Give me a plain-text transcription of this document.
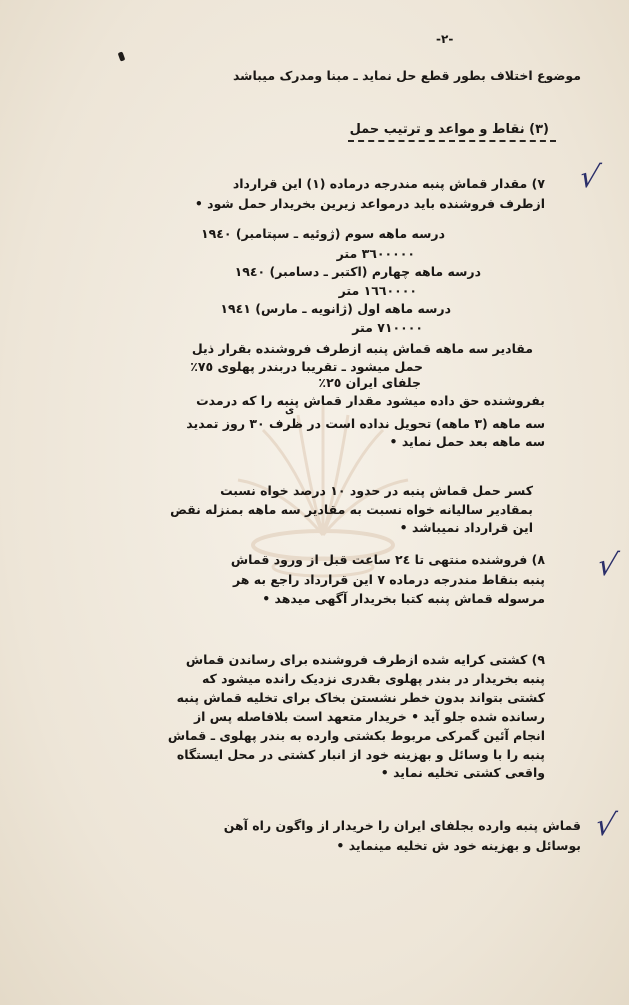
-٢-
موضوع اختلاف بطور قطع حل نماید ـ مبنا ومدرک میباشد
(٣) نقاط و مواعد و ترتیب حمل
√
٧) مقدار قماش پنبه مندرجه درماده (١) این قرارداد
ازطرف فروشنده باید درمواعد زیرین بخریدار حمل شود •
درسه ماهه سوم (ژوئیه ـ سپتامبر) ١٩٤٠
٣٦٠٠٠٠٠ متر
درسه ماهه چهارم (اکتبر ـ دسامبر) ١٩٤٠
١٦٦٠٠٠٠ متر
درسه ماهه اول (ژانویه ـ مارس) ١٩٤١
٧١٠٠٠٠ متر
مقادیر سه ماهه قماش پنبه ازطرف فروشنده بقرار ذیل
حمل میشود ـ تقریبا دربندر پهلوی ٧٥٪
جلفای ایران ٢٥٪
بفروشنده حق داده میشود مقدار قماش پنبه را که درمدت
ی
سه ماهه (٣ ماهه) تحویل نداده است در ظرف ٣٠ روز تمدید
سه ماهه بعد حمل نماید •
کسر حمل قماش پنبه در حدود ١٠ درصد خواه نسبت
بمقادیر سالیانه خواه نسبت به مقادیر سه ماهه بمنزله نقض
این قرارداد نمیباشد •
√
٨) فروشنده منتهی تا ٢٤ ساعت قبل از ورود قماش
پنبه بنقاط مندرجه درماده ٧ این قرارداد راجع به هر
مرسوله قماش پنبه کتبا بخریدار آگهی میدهد •
٩) کشتی کرایه شده ازطرف فروشنده برای رساندن قماش
پنبه بخریدار در بندر پهلوی بقدری نزدیک رانده میشود که
کشتی بتواند بدون خطر نشستن بخاک برای تخلیه قماش پنبه
رسانده شده جلو آید • خریدار متعهد است بلافاصله پس از
انجام آئین گمرکی مربوط بکشتی وارده به بندر پهلوی ـ قماش
پنبه را با وسائل و بهزینه خود از انبار کشتی در محل ایستگاه
واقعی کشتی تخلیه نماید •
√
قماش پنبه وارده بجلفای ایران را خریدار از واگون راه آهن
بوسائل و بهزینه خود ش تخلیه مینماید •
